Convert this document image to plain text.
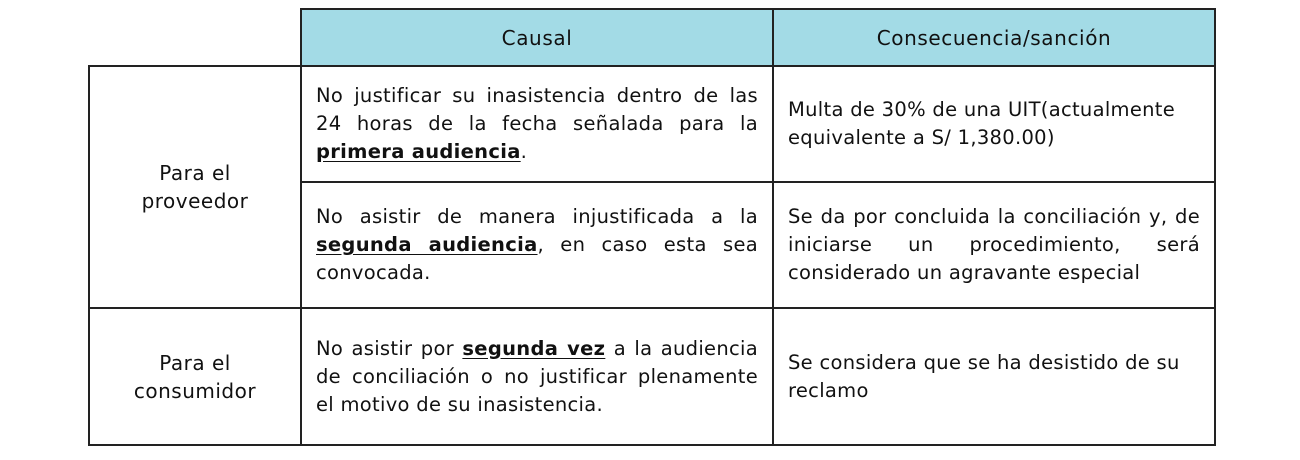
	Causal	Consecuencia/sanción
Para el
proveedor	No justificar su inasistencia dentro de las 24 horas de la fecha señalada para la primera audiencia.	Multa de 30% de una UIT(actualmente equivalente a S/ 1,380.00)

	No asistir de manera injustificada a la segunda audiencia, en caso esta sea convocada.	Se da por concluida la conciliación y, de iniciarse un procedimiento, será considerado un agravante especial

Para el
consumidor	No asistir por segunda vez a la audiencia de conciliación o no justificar plenamente el motivo de su inasistencia.	Se considera que se ha desistido de su reclamo
